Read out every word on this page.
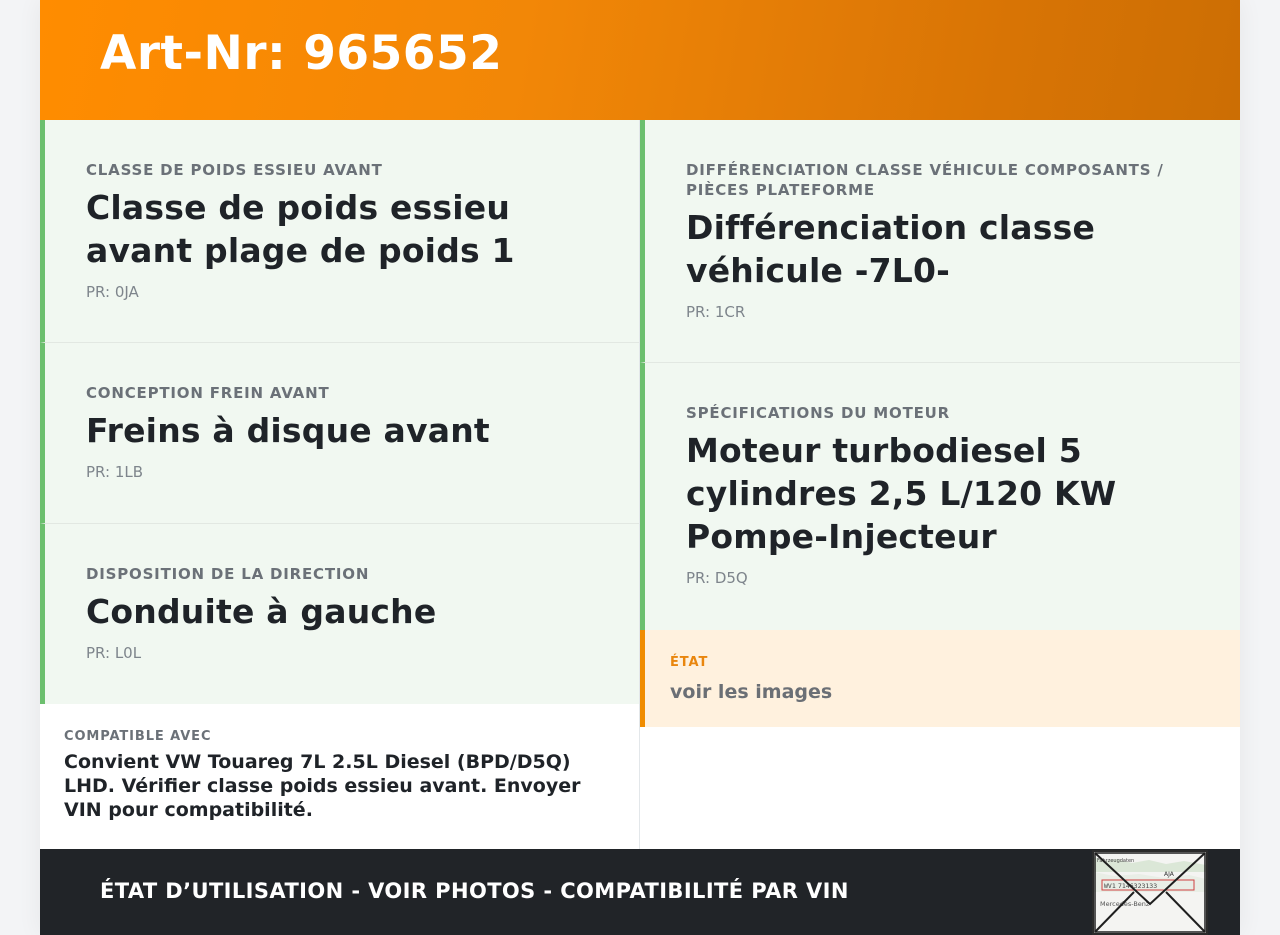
Art-Nr: 965652
CLASSE DE POIDS ESSIEU AVANT
Classe de poids essieu avant plage de poids 1
PR: 0JA
CONCEPTION FREIN AVANT
Freins à disque avant
PR: 1LB
DISPOSITION DE LA DIRECTION
Conduite à gauche
PR: L0L
DIFFÉRENCIATION CLASSE VÉHICULE COMPOSANTS / PIÈCES PLATEFORME
Différenciation classe véhicule -7L0-
PR: 1CR
SPÉCIFICATIONS DU MOTEUR
Moteur turbodiesel 5 cylindres 2,5 L/120 KW Pompe-Injecteur
PR: D5Q
COMPATIBLE AVEC
Convient VW Touareg 7L 2.5L Diesel (BPD/D5Q) LHD. Vérifier classe poids essieu avant. Envoyer VIN pour compatibilité.
ÉTAT
voir les images
ÉTAT D’UTILISATION - VOIR PHOTOS - COMPATIBILITÉ PAR VIN
Fahrzeugdaten
AJA
WV1 7146323133
Mercedes-Benz
